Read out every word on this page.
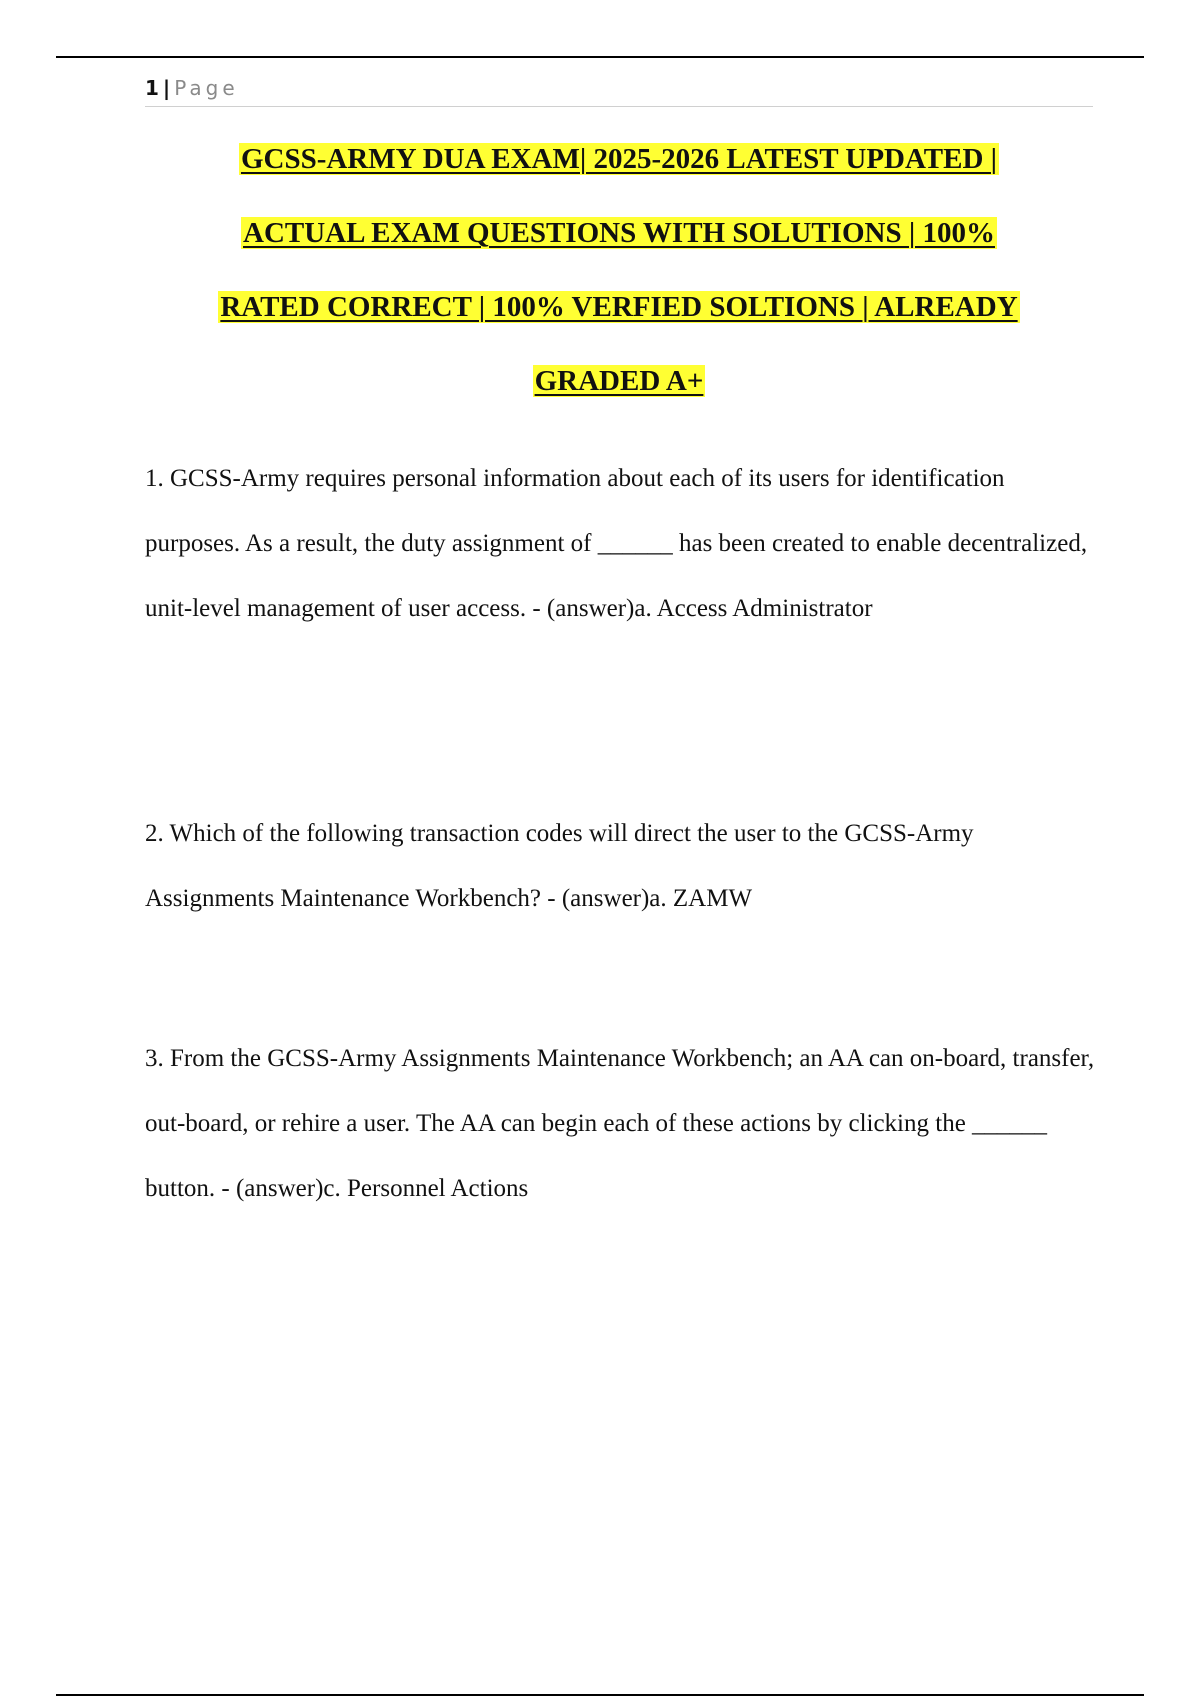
1 | Page
GCSS-ARMY DUA EXAM| 2025-2026 LATEST UPDATED |
ACTUAL EXAM QUESTIONS WITH SOLUTIONS | 100%
RATED CORRECT | 100% VERFIED SOLTIONS | ALREADY
GRADED A+

1. GCSS-Army requires personal information about each of its users for identification purposes. As a result, the duty assignment of ______ has been created to enable decentralized, unit-level management of user access. - (answer)a. Access Administrator

2. Which of the following transaction codes will direct the user to the GCSS-Army Assignments Maintenance Workbench? - (answer)a. ZAMW

3. From the GCSS-Army Assignments Maintenance Workbench; an AA can on-board, transfer, out-board, or rehire a user. The AA can begin each of these actions by clicking the ______ button. - (answer)c. Personnel Actions
